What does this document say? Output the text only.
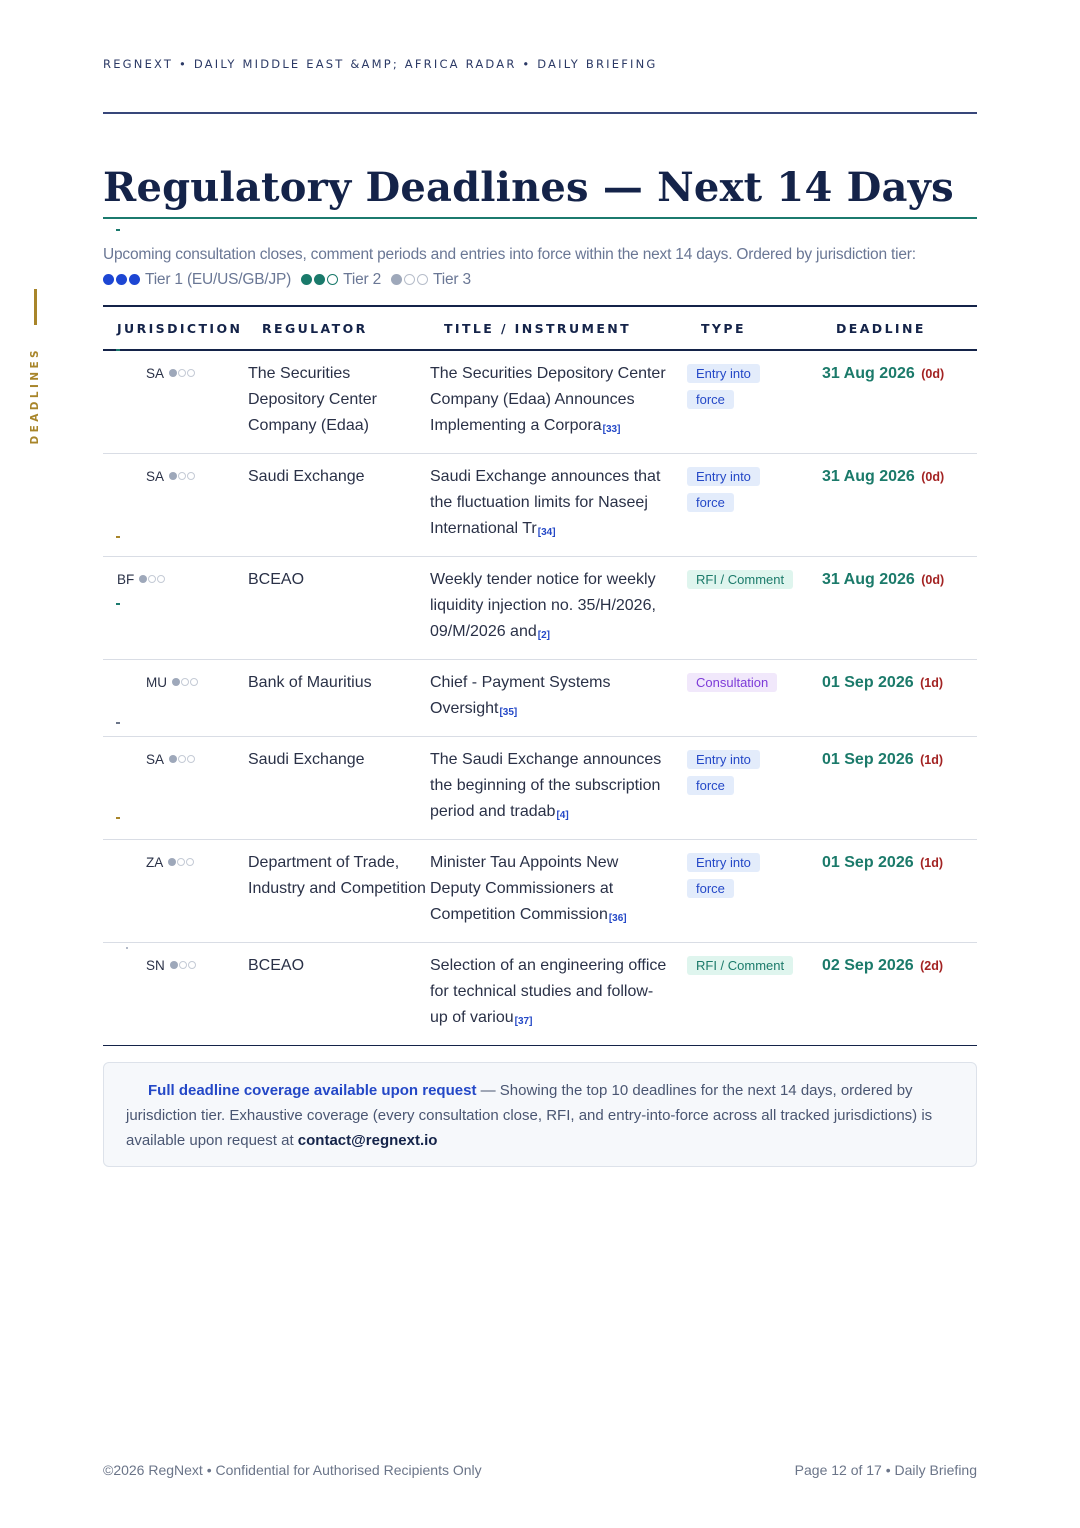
DEADLINES
REGNEXT • DAILY MIDDLE EAST &AMP; AFRICA RADAR • DAILY BRIEFING
Regulatory Deadlines — Next 14 Days
Upcoming consultation closes, comment periods and entries into force within the next 14 days. Ordered by jurisdiction tier:

Tier 1 (EU/US/GB/JP)	Tier 2	Tier 3
JURISDICTION	REGULATOR	TITLE / INSTRUMENT	TYPE	DEADLINE
SA	The Securities Depository Center Company (Edaa)	The Securities Depository Center Company (Edaa) Announces Implementing a Corpora[33]	Entry into force	31 Aug 2026 (0d)
SA	Saudi Exchange	Saudi Exchange announces that the fluctuation limits for Naseej International Tr[34]	Entry into force	31 Aug 2026 (0d)
BF	BCEAO	Weekly tender notice for weekly liquidity injection no. 35/H/2026, 09/M/2026 and[2]	RFI / Comment	31 Aug 2026 (0d)
MU	Bank of Mauritius	Chief - Payment Systems Oversight[35]	Consultation	01 Sep 2026 (1d)
SA	Saudi Exchange	The Saudi Exchange announces the beginning of the subscription period and tradab[4]	Entry into force	01 Sep 2026 (1d)
ZA	Department of Trade, Industry and Competition	Minister Tau Appoints New Deputy Commissioners at Competition Commission[36]	Entry into force	01 Sep 2026 (1d)
SN	BCEAO	Selection of an engineering office for technical studies and follow-up of variou[37]	RFI / Comment	02 Sep 2026 (2d)
Full deadline coverage available upon request — Showing the top 10 deadlines for the next 14 days, ordered by jurisdiction tier. Exhaustive coverage (every consultation close, RFI, and entry-into-force across all tracked jurisdictions) is available upon request at contact@regnext.io
©2026 RegNext • Confidential for Authorised Recipients Only	Page 12 of 17 • Daily Briefing
